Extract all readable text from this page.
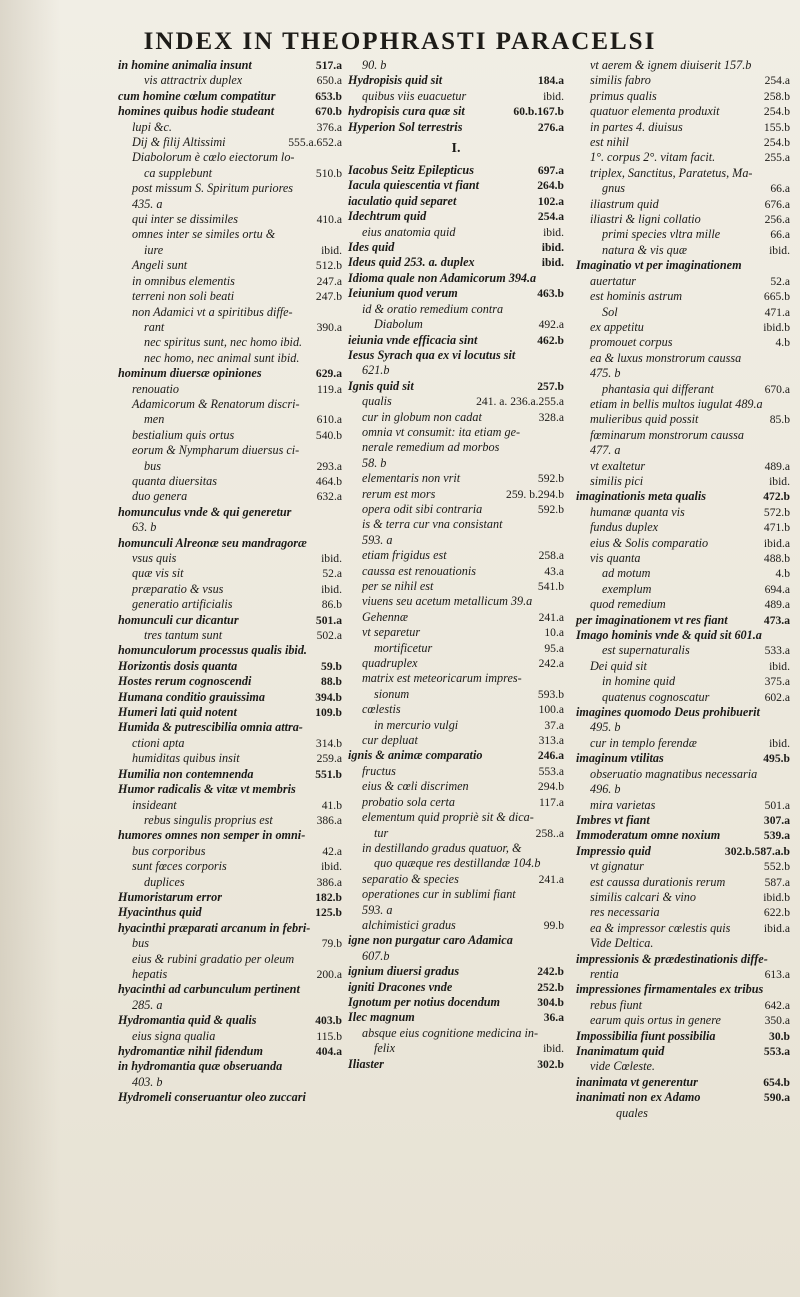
INDEX IN THEOPHRASTI PARACELSI
517.a
in homine animalia insunt
650.a
vis attractrix duplex
653.b
cum homine cœlum compatitur
670.b
homines quibus hodie studeant
376.a
lupi &c.
555.a.652.a
Dij & filij Altissimi
Diabolorum è cœlo eiectorum lo-
510.b
ca supplebunt
post missum S. Spiritum puriores
435. a
410.a
qui inter se dissimiles
omnes inter se similes ortu &
ibid.
iure
512.b
Angeli sunt
247.a
in omnibus elementis
247.b
terreni non soli beati
non Adamici vt a spiritibus diffe-
390.a
rant
nec spiritus sunt, nec homo ibid.
nec homo, nec animal sunt ibid.
629.a
hominum diuersæ opiniones
119.a
renouatio
Adamicorum & Renatorum discri-
610.a
men
540.b
bestialium quis ortus
eorum & Nympharum diuersus ci-
293.a
bus
464.b
quanta diuersitas
632.a
duo genera
homunculus vnde & qui generetur
63. b
homunculi Alreonæ seu mandragoræ
ibid.
vsus quis
52.a
quæ vis sit
ibid.
præparatio & vsus
86.b
generatio artificialis
501.a
homunculi cur dicantur
502.a
tres tantum sunt
homunculorum processus qualis ibid.
59.b
Horizontis dosis quanta
88.b
Hostes rerum cognoscendi
394.b
Humana conditio grauissima
109.b
Humeri lati quid notent
Humida & putrescibilia omnia attra-
314.b
ctioni apta
259.a
humiditas quibus insit
551.b
Humilia non contemnenda
Humor radicalis & vitæ vt membris
41.b
insideant
386.a
rebus singulis proprius est
humores omnes non semper in omni-
42.a
bus corporibus
ibid.
sunt fœces corporis
386.a
duplices
182.b
Humoristarum error
125.b
Hyacinthus quid
hyacinthi præparati arcanum in febri-
79.b
bus
eius & rubini gradatio per oleum
200.a
hepatis
hyacinthi ad carbunculum pertinent
285. a
403.b
Hydromantia quid & qualis
115.b
eius signa qualia
404.a
hydromantiæ nihil fidendum
in hydromantia quæ obseruanda
403. b
Hydromeli conseruantur oleo zuccari
90. b
184.a
Hydropisis quid sit
ibid.
quibus viis euacuetur
60.b.167.b
hydropisis cura quæ sit
276.a
Hyperion Sol terrestris
I.
697.a
Iacobus Seitz Epilepticus
264.b
Iacula quiescentia vt fiant
102.a
iaculatio quid separet
254.a
Idechtrum quid
ibid.
eius anatomia quid
ibid.
Ides quid
ibid.
Ideus quid 253. a. duplex
Idioma quale non Adamicorum 394.a
463.b
Ieiunium quod verum
id & oratio remedium contra
492.a
Diabolum
462.b
ieiunia vnde efficacia sint
Iesus Syrach qua ex vi locutus sit
621.b
257.b
Ignis quid sit
241. a. 236.a.255.a
qualis
328.a
cur in globum non cadat
omnia vt consumit: ita etiam ge-
nerale remedium ad morbos
58. b
592.b
elementaris non vrit
259. b.294.b
rerum est mors
592.b
opera odit sibi contraria
is & terra cur vna consistant
593. a
258.a
etiam frigidus est
43.a
caussa est renouationis
541.b
per se nihil est
viuens seu acetum metallicum 39.a
241.a
Gehennæ
10.a
vt separetur
95.a
mortificetur
242.a
quadruplex
matrix est meteoricarum impres-
593.b
sionum
100.a
cœlestis
37.a
in mercurio vulgi
313.a
cur depluat
246.a
ignis & animæ comparatio
553.a
fructus
294.b
eius & cœli discrimen
117.a
probatio sola certa
elementum quid propriè sit & dica-
258..a
tur
in destillando gradus quatuor, &
quo quæque res destillandæ 104.b
241.a
separatio & species
operationes cur in sublimi fiant
593. a
99.b
alchimistici gradus
igne non purgatur caro Adamica
607.b
242.b
ignium diuersi gradus
252.b
igniti Dracones vnde
304.b
Ignotum per notius docendum
36.a
Ilec magnum
absque eius cognitione medicina in-
ibid.
felix
302.b
Iliaster
vt aerem & ignem diuiserit 157.b
254.a
similis fabro
258.b
primus qualis
254.b
quatuor elementa produxit
155.b
in partes 4. diuisus
254.b
est nihil
255.a
1°. corpus 2°. vitam facit.
triplex, Sanctitus, Paratetus, Ma-
66.a
gnus
676.a
iliastrum quid
256.a
iliastri & ligni collatio
66.a
primi species vltra mille
ibid.
natura & vis quæ
Imaginatio vt per imaginationem
52.a
auertatur
665.b
est hominis astrum
471.a
Sol
ibid.b
ex appetitu
4.b
promouet corpus
ea & luxus monstrorum caussa
475. b
670.a
phantasia qui differant
etiam in bellis multos iugulat 489.a
85.b
mulieribus quid possit
fœminarum monstrorum caussa
477. a
489.a
vt exaltetur
ibid.
similis pici
472.b
imaginationis meta qualis
572.b
humanæ quanta vis
471.b
fundus duplex
ibid.a
eius & Solis comparatio
488.b
vis quanta
4.b
ad motum
694.a
exemplum
489.a
quod remedium
473.a
per imaginationem vt res fiant
Imago hominis vnde & quid sit 601.a
533.a
est supernaturalis
ibid.
Dei quid sit
375.a
in homine quid
602.a
quatenus cognoscatur
imagines quomodo Deus prohibuerit
495. b
ibid.
cur in templo ferendæ
495.b
imaginum vtilitas
obseruatio magnatibus necessaria
496. b
501.a
mira varietas
307.a
Imbres vt fiant
539.a
Immoderatum omne noxium
302.b.587.a.b
Impressio quid
552.b
vt gignatur
587.a
est caussa durationis rerum
ibid.b
similis calcari & vino
622.b
res necessaria
ibid.a
ea & impressor cœlestis quis
Vide Deltica.
impressionis & prædestinationis diffe-
613.a
rentia
impressiones firmamentales ex tribus
642.a
rebus fiunt
350.a
earum quis ortus in genere
30.b
Impossibilia fiunt possibilia
553.a
Inanimatum quid
vide Cœleste.
654.b
inanimata vt generentur
590.a
inanimati non ex Adamo
quales
